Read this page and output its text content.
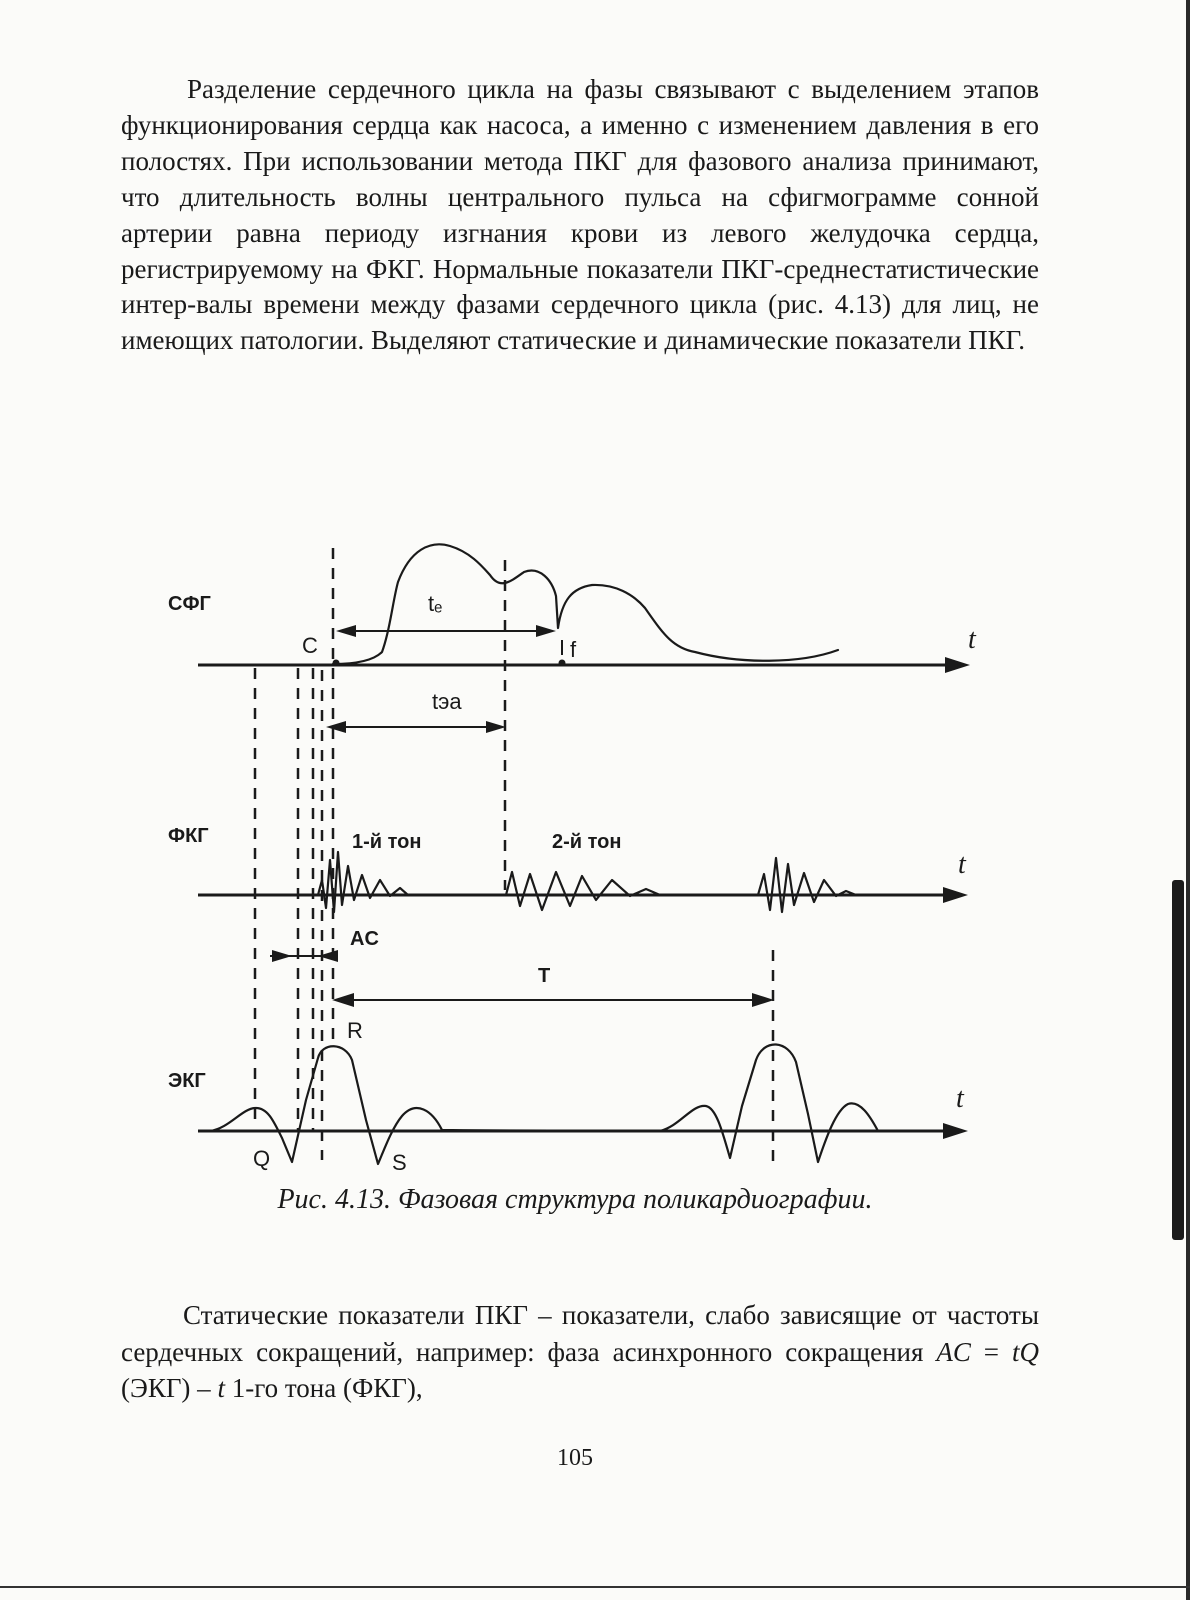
Разделение сердечного цикла на фазы связывают с выделением этапов функционирования сердца как насоса, а именно с изменением давления в его полостях. При использовании метода ПКГ для фазового анализа принимают, что длительность волны центрального пульса на сфигмограмме сонной артерии равна периоду изгнания крови из левого желудочка сердца, регистрируемому на ФКГ. Нормальные показатели ПКГ-среднестатистические интер-валы времени между фазами сердечного цикла (рис. 4.13) для лиц, не имеющих патологии. Выделяют статические и динамические показатели ПКГ.

СФГ
ФКГ
ЭКГ
t
t
t
C	f
tₑ
tэа
1-й тон	2-й тон
AC
T
R
Q	S

Рис. 4.13. Фазовая структура поликардиографии.

Статические показатели ПКГ – показатели, слабо зависящие от частоты сердечных сокращений, например: фаза асинхронного сокращения AC = tQ (ЭКГ) – t 1-го тона (ФКГ),

105
